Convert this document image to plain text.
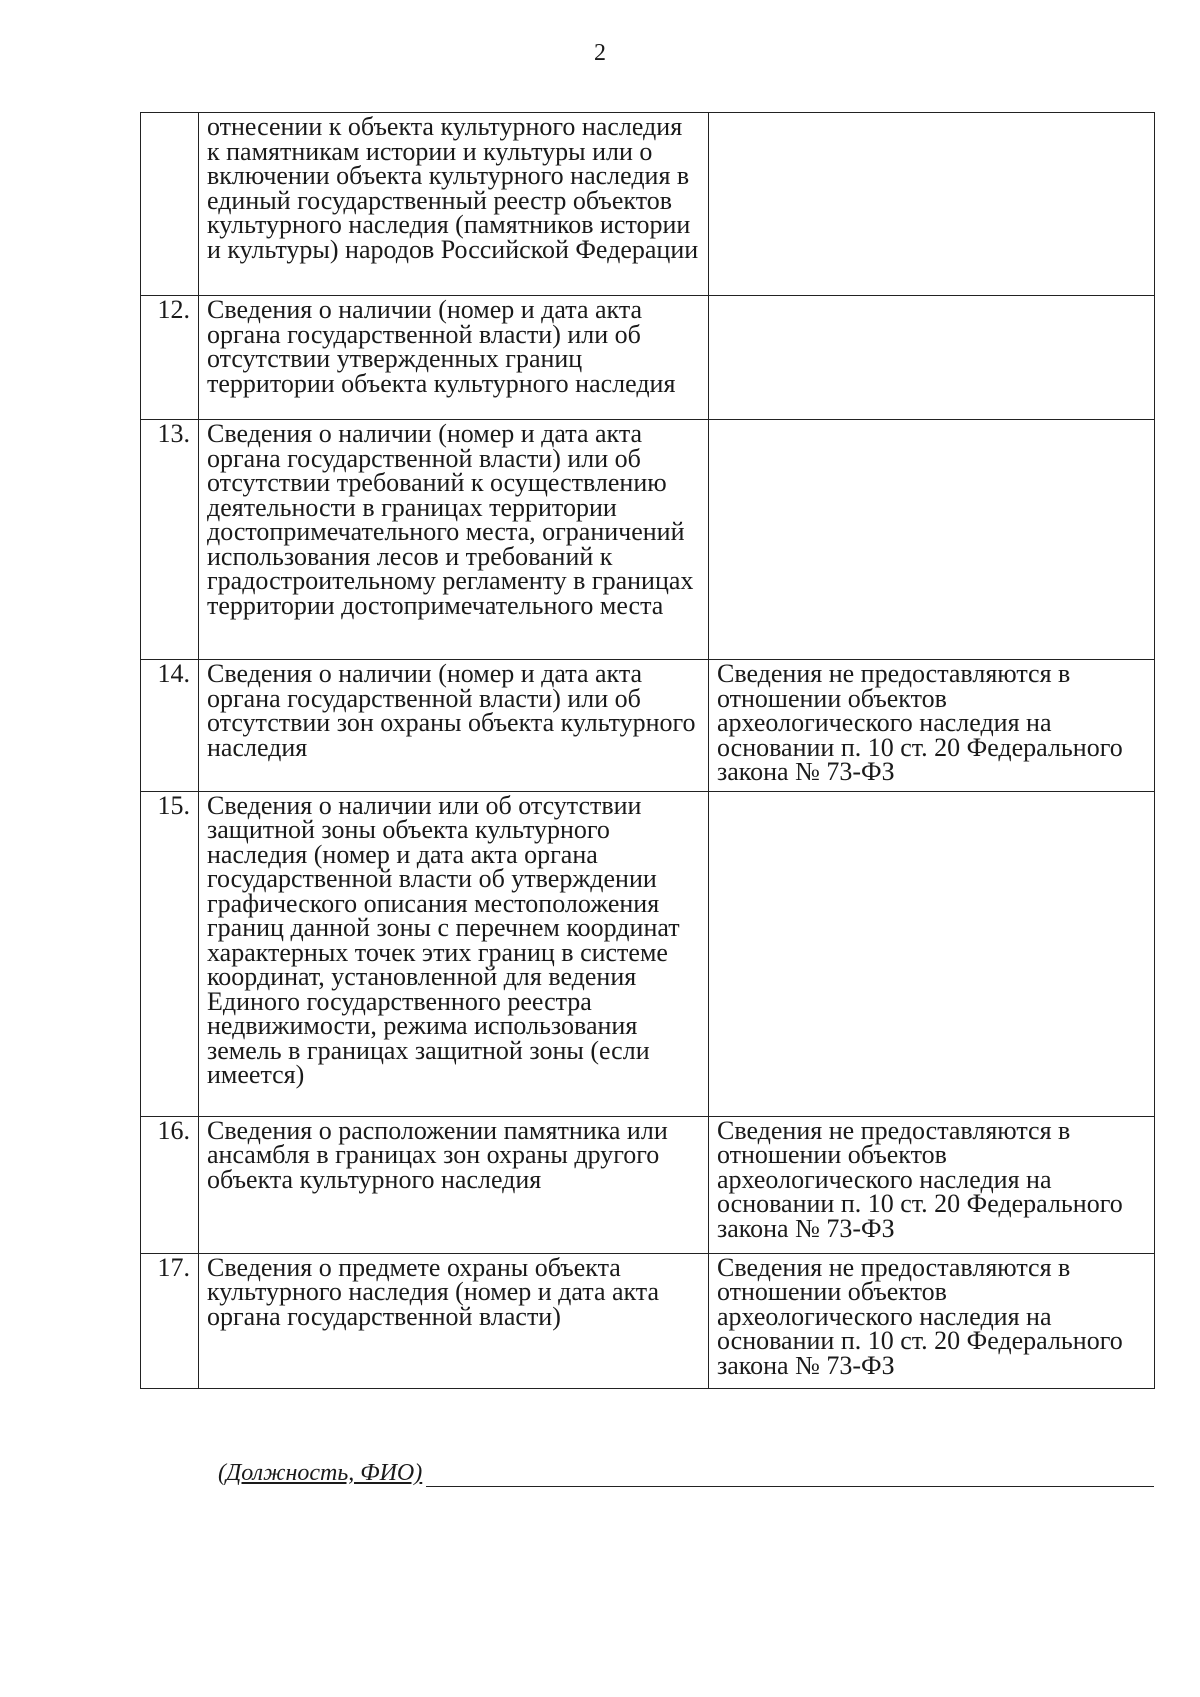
2
	отнесении к объекта культурного наследия к памятникам истории и культуры или о включении объекта культурного наследия в единый государственный реестр объектов культурного наследия (памятников истории и культуры) народов Российской Федерации	
12.	Сведения о наличии (номер и дата акта органа государственной власти) или об отсутствии утвержденных границ территории объекта культурного наследия	
13.	Сведения о наличии (номер и дата акта органа государственной власти) или об отсутствии требований к осуществлению деятельности в границах территории достопримечательного места, ограничений использования лесов и требований к градостроительному регламенту в границах территории достопримечательного места	
14.	Сведения о наличии (номер и дата акта органа государственной власти) или об отсутствии зон охраны объекта культурного наследия	Сведения не предоставляются в отношении объектов археологического наследия на основании п. 10 ст. 20 Федерального закона № 73-ФЗ
15.	Сведения о наличии или об отсутствии защитной зоны объекта культурного наследия (номер и дата акта органа государственной власти об утверждении графического описания местоположения границ данной зоны с перечнем координат характерных точек этих границ в системе координат, установленной для ведения Единого государственного реестра недвижимости, режима использования земель в границах защитной зоны (если имеется)	
16.	Сведения о расположении памятника или ансамбля в границах зон охраны другого объекта культурного наследия	Сведения не предоставляются в отношении объектов археологического наследия на основании п. 10 ст. 20 Федерального закона № 73-ФЗ
17.	Сведения о предмете охраны объекта культурного наследия (номер и дата акта органа государственной власти)	Сведения не предоставляются в отношении объектов археологического наследия на основании п. 10 ст. 20 Федерального закона № 73-ФЗ
(Должность, ФИО)
